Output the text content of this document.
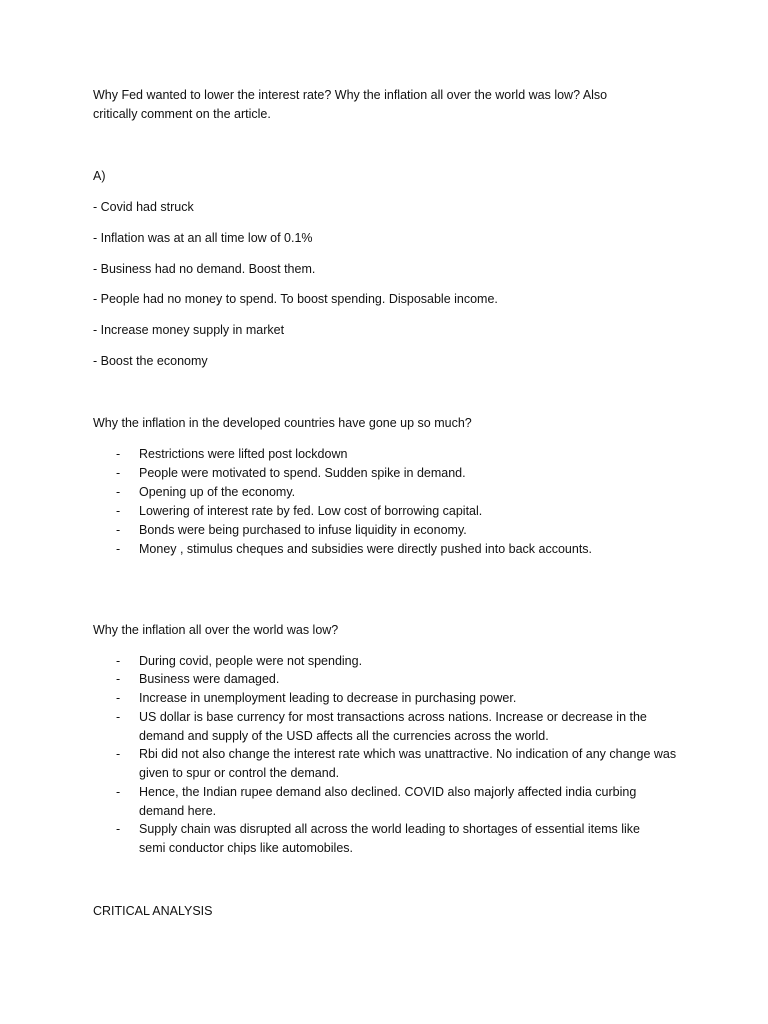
Why Fed wanted to lower the interest rate? Why the inflation all over the world was low? Also
critically comment on the article.
A)
- Covid had struck
- Inflation was at an all time low of 0.1%
- Business had no demand. Boost them.
- People had no money to spend. To boost spending. Disposable income.
- Increase money supply in market
- Boost the economy
Why the inflation in the developed countries have gone up so much?
- Restrictions were lifted post lockdown
- People were motivated to spend. Sudden spike in demand.
- Opening up of the economy.
- Lowering of interest rate by fed. Low cost of borrowing capital.
- Bonds were being purchased to infuse liquidity in economy.
- Money , stimulus cheques and subsidies were directly pushed into back accounts.
Why the inflation all over the world was low?
- During covid, people were not spending.
- Business were damaged.
- Increase in unemployment leading to decrease in purchasing power.
- US dollar is base currency for most transactions across nations. Increase or decrease in the demand and supply of the USD affects all the currencies across the world.
- Rbi did not also change the interest rate which was unattractive. No indication of any change was given to spur or control the demand.
- Hence, the Indian rupee demand also declined. COVID also majorly affected india curbing demand here.
- Supply chain was disrupted all across the world leading to shortages of essential items like semi conductor chips like automobiles.
CRITICAL ANALYSIS
